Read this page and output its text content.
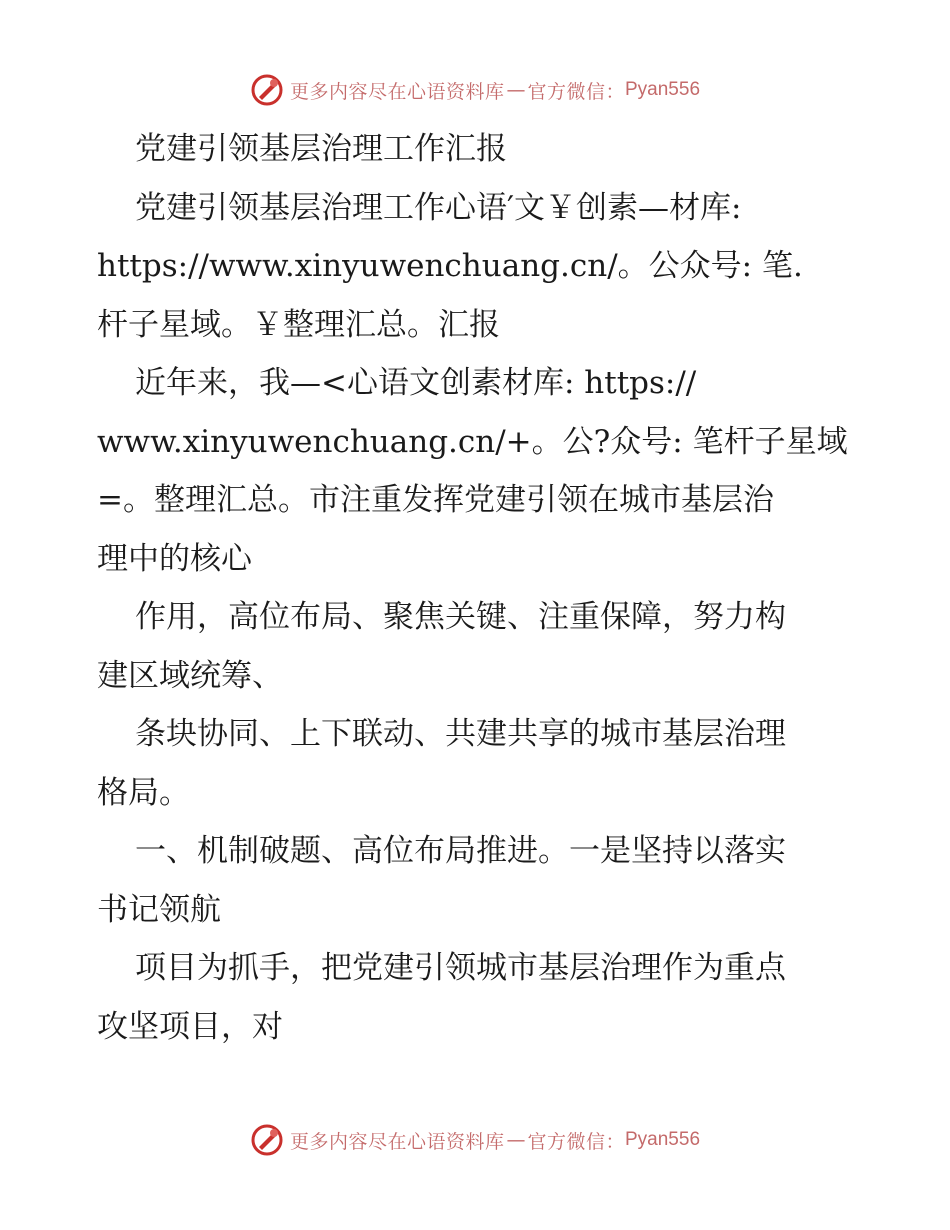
更多内容尽在心语资料库 — 官方微信： Pyan556
党建引领基层治理工作汇报
党建引领基层治理工作心语′文￥创素—材库:
https://www.xinyuwenchuang.cn/。公众号: 笔.
杆子星域。￥整理汇总。汇报
近年来，我—<心语文创素材库: https://
www.xinyuwenchuang.cn/+。公?众号: 笔杆子星域
=。整理汇总。市注重发挥党建引领在城市基层治
理中的核心
作用，高位布局、聚焦关键、注重保障，努力构
建区域统筹、
条块协同、上下联动、共建共享的城市基层治理
格局。
一、机制破题、高位布局推进。一是坚持以落实
书记领航
项目为抓手，把党建引领城市基层治理作为重点
攻坚项目，对
更多内容尽在心语资料库 — 官方微信： Pyan556
